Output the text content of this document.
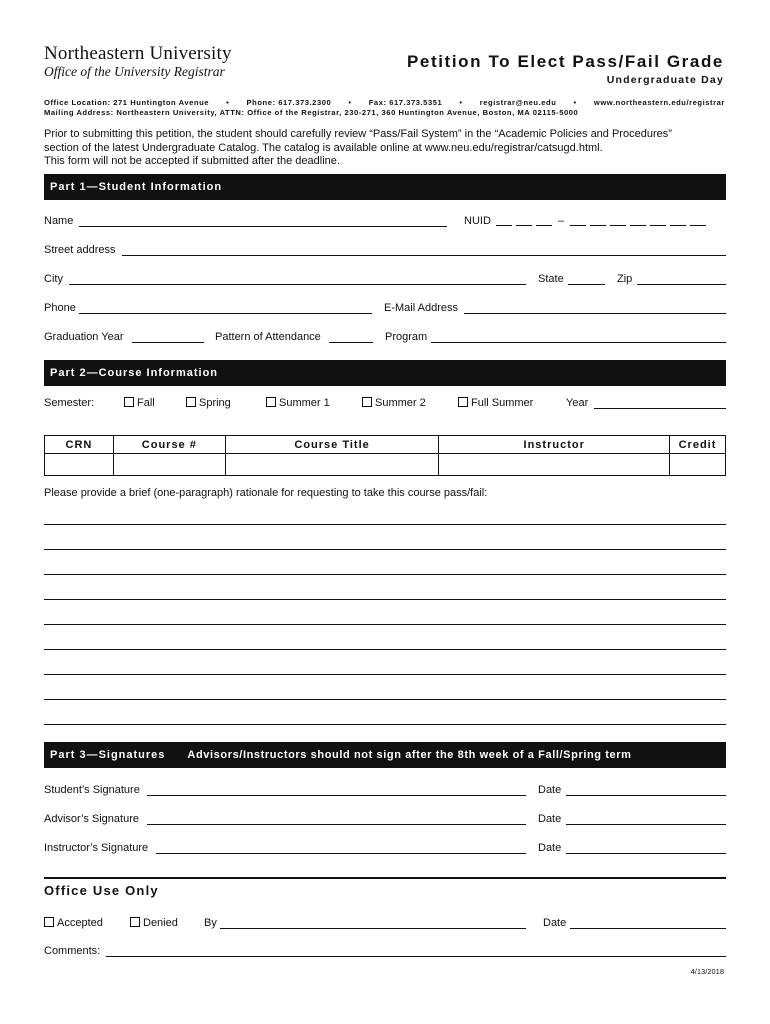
Northeastern University
Office of the University Registrar
Petition To Elect Pass/Fail Grade
Undergraduate Day
Office Location: 271 Huntington Avenue • Phone: 617.373.2300 • Fax: 617.373.5351 • registrar@neu.edu • www.northeastern.edu/registrar
Mailing Address: Northeastern University, ATTN: Office of the Registrar, 230-271, 360 Huntington Avenue, Boston, MA 02115-5000
Prior to submitting this petition, the student should carefully review “Pass/Fail System” in the “Academic Policies and Procedures”
section of the latest Undergraduate Catalog. The catalog is available online at www.neu.edu/registrar/catsugd.html.
This form will not be accepted if submitted after the deadline.
Part 1—Student Information
Name	NUID	–
Street address
City	State	Zip
Phone	E-Mail Address
Graduation Year	Pattern of Attendance	Program
Part 2—Course Information
Semester:	Fall	Spring	Summer 1	Summer 2	Full Summer	Year
CRN	Course #	Course Title	Instructor	Credit

Please provide a brief (one-paragraph) rationale for requesting to take this course pass/fail:
Part 3—Signatures Advisors/Instructors should not sign after the 8th week of a Fall/Spring term
Student’s Signature	Date
Advisor’s Signature	Date
Instructor’s Signature	Date
Office Use Only
Accepted	Denied By	Date
Comments:
4/13/2018
